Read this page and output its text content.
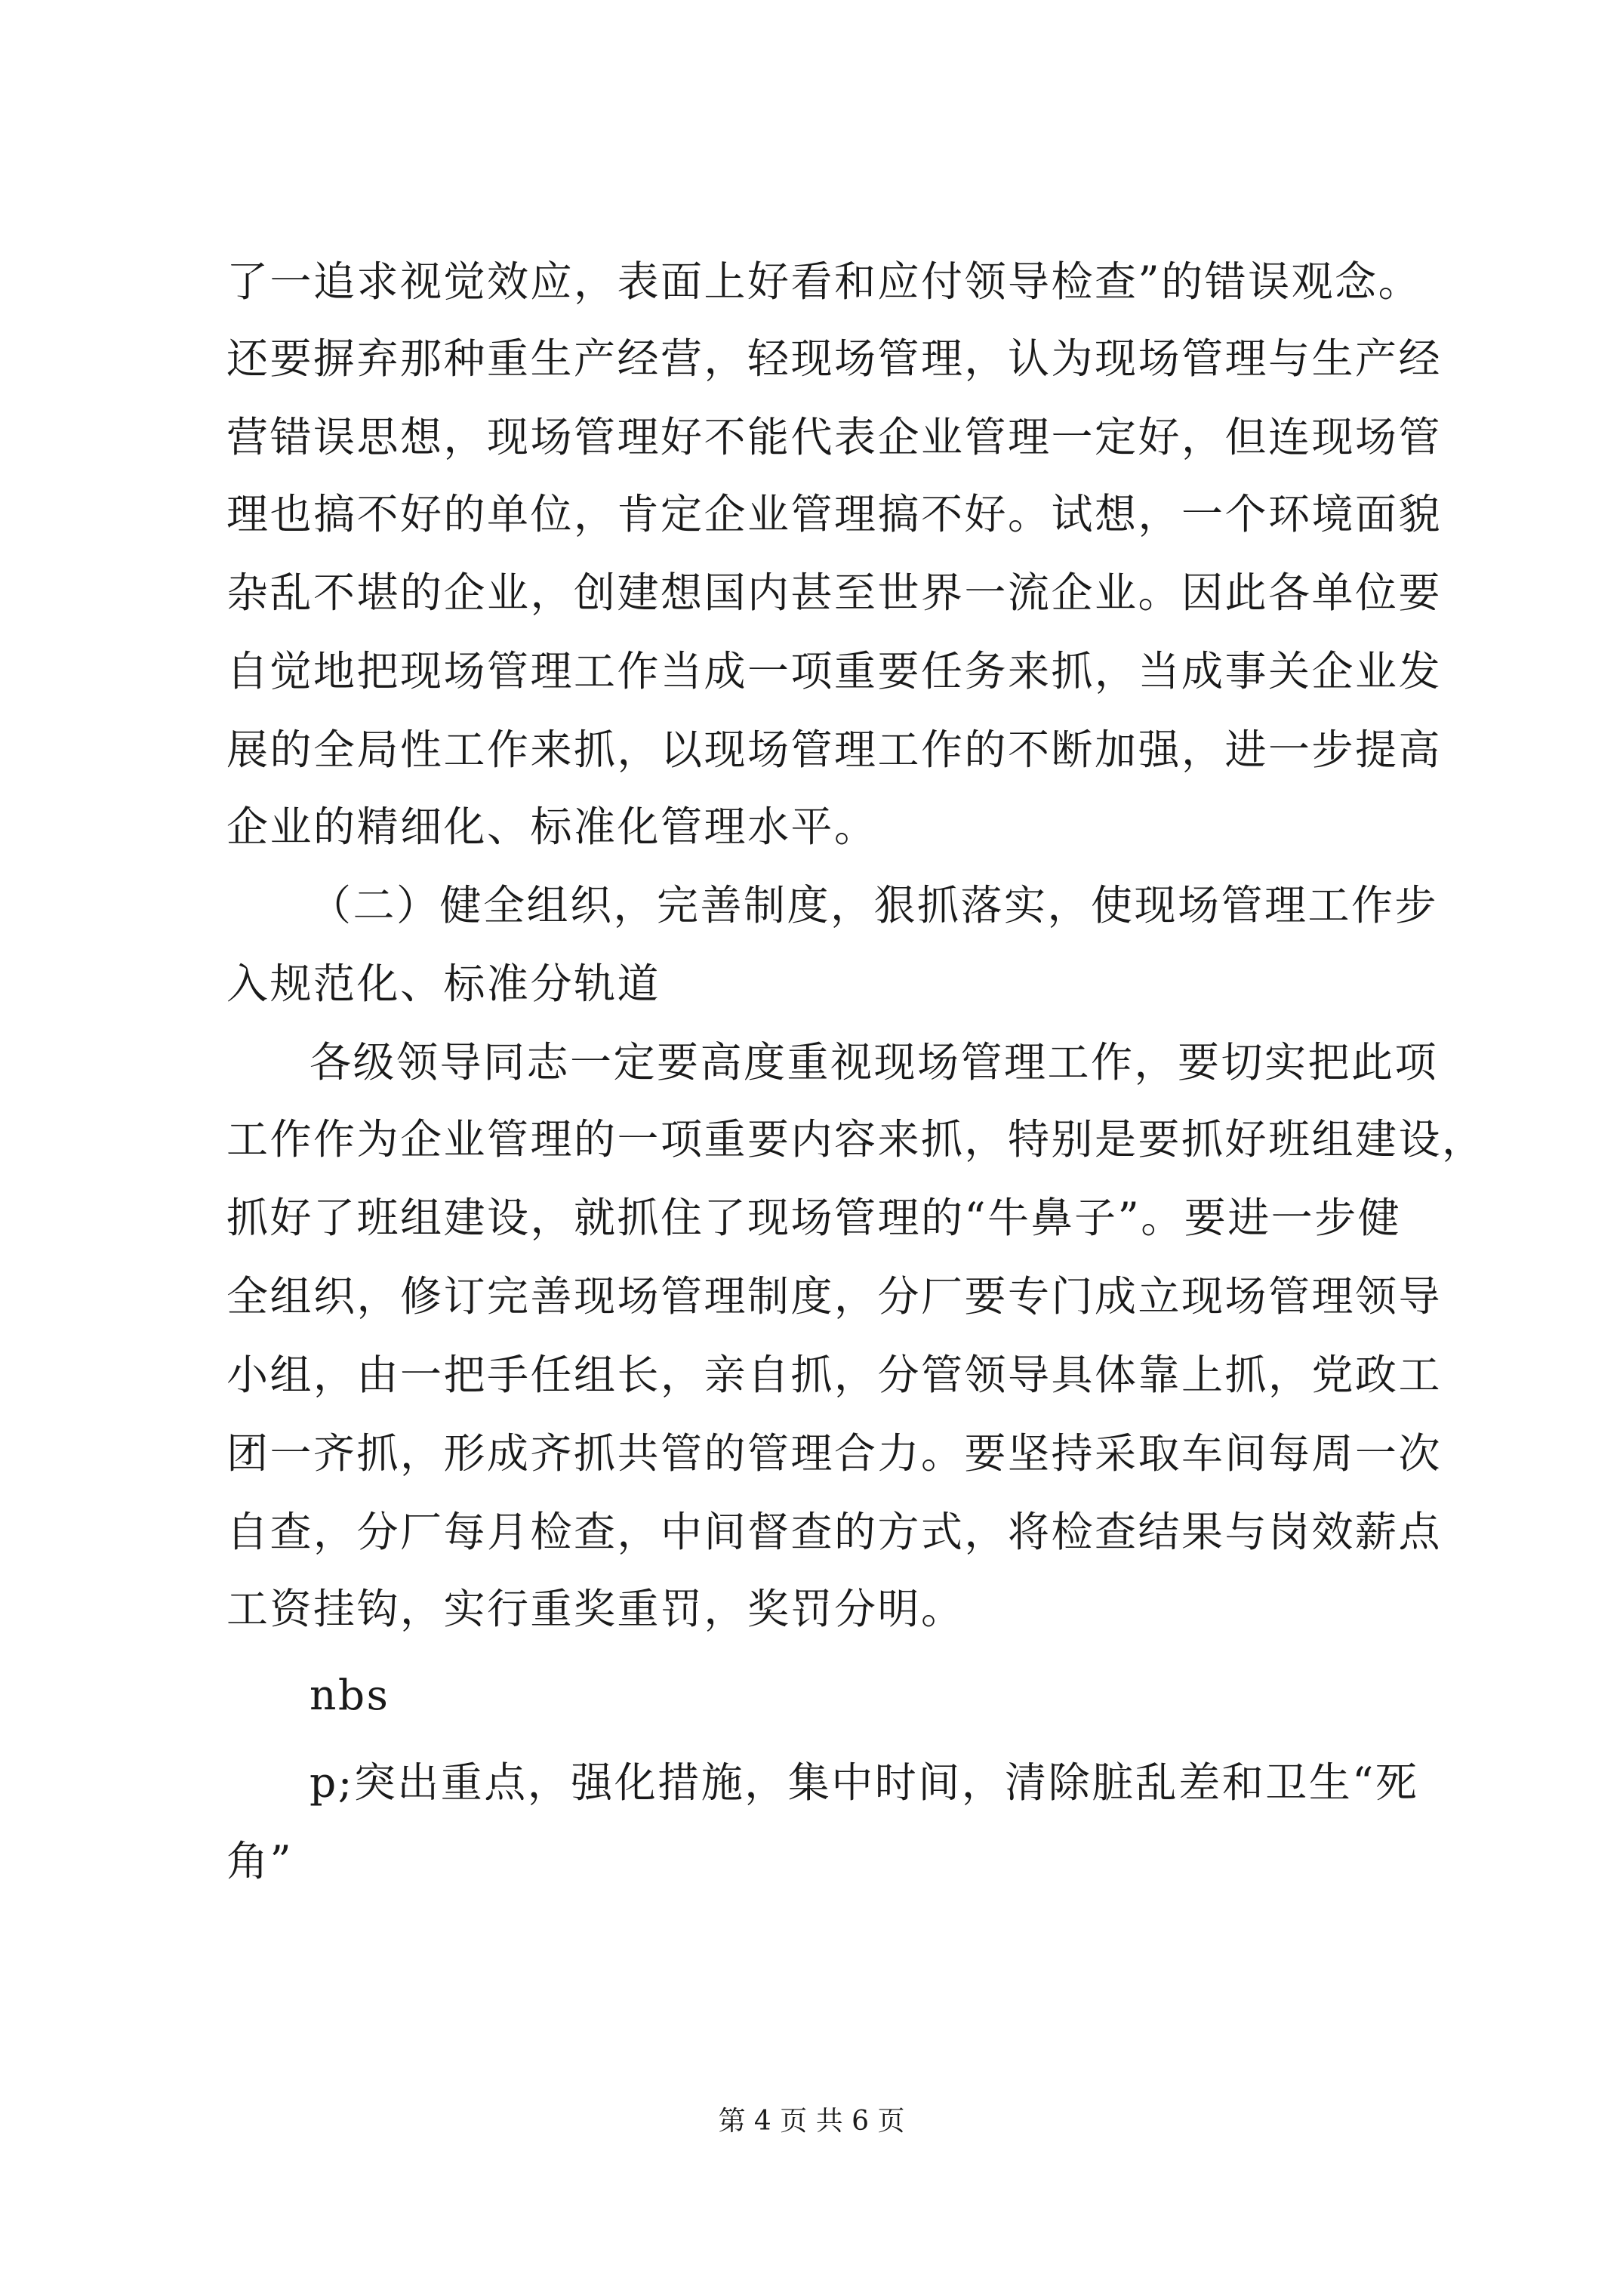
了一追求视觉效应，表面上好看和应付领导检查”的错误观念。
还要摒弃那种重生产经营，轻现场管理，认为现场管理与生产经
营错误思想，现场管理好不能代表企业管理一定好，但连现场管
理也搞不好的单位，肯定企业管理搞不好。试想，一个环境面貌
杂乱不堪的企业，创建想国内甚至世界一流企业。因此各单位要
自觉地把现场管理工作当成一项重要任务来抓，当成事关企业发
展的全局性工作来抓，以现场管理工作的不断加强，进一步提高
企业的精细化、标准化管理水平。
（二）健全组织，完善制度，狠抓落实，使现场管理工作步
入规范化、标准分轨道
各级领导同志一定要高度重视现场管理工作，要切实把此项
工作作为企业管理的一项重要内容来抓，特别是要抓好班组建设，
抓好了班组建设，就抓住了现场管理的“牛鼻子”。要进一步健
全组织，修订完善现场管理制度，分厂要专门成立现场管理领导
小组，由一把手任组长，亲自抓，分管领导具体靠上抓，党政工
团一齐抓，形成齐抓共管的管理合力。要坚持采取车间每周一次
自查，分厂每月检查，中间督查的方式，将检查结果与岗效薪点
工资挂钩，实行重奖重罚，奖罚分明。
nbs
p;突出重点，强化措施，集中时间，清除脏乱差和卫生“死
角”
第 4 页 共 6 页
